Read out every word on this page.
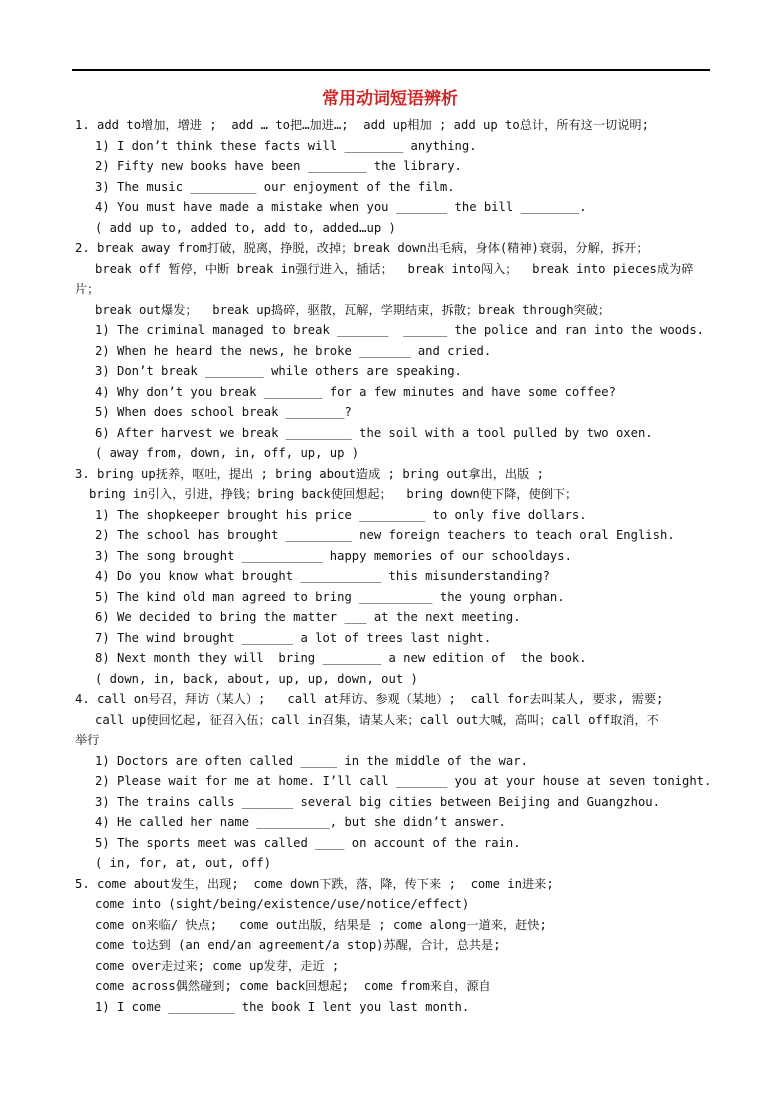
常用动词短语辨析
1. add to增加，增进 ;  add … to把…加进…;  add up相加 ; add up to总计，所有这一切说明;
1) I don’t think these facts will ________ anything.
2) Fifty new books have been ________ the library.
3) The music _________ our enjoyment of the film.
4) You must have made a mistake when you _______ the bill ________.
( add up to, added to, add to, added…up )
2. break away from打破，脱离，挣脱，改掉；break down出毛病，身体(精神)衰弱，分解，拆开；
break off 暂停，中断 break in强行进入，插话；  break into闯入；  break into pieces成为碎
片；
break out爆发；  break up捣碎，驱散，瓦解，学期结束，拆散；break through突破；
1) The criminal managed to break _______  ______ the police and ran into the woods.
2) When he heard the news, he broke _______ and cried.
3) Don’t break ________ while others are speaking.
4) Why don’t you break ________ for a few minutes and have some coffee?
5) When does school break ________?
6) After harvest we break _________ the soil with a tool pulled by two oxen.
( away from, down, in, off, up, up )
3. bring up抚养，呕吐，提出 ; bring about造成 ; bring out拿出，出版 ;
bring in引入，引进，挣钱；bring back使回想起；  bring down使下降，使倒下；
1) The shopkeeper brought his price _________ to only five dollars.
2) The school has brought _________ new foreign teachers to teach oral English.
3) The song brought ___________ happy memories of our schooldays.
4) Do you know what brought ___________ this misunderstanding?
5) The kind old man agreed to bring __________ the young orphan.
6) We decided to bring the matter ___ at the next meeting.
7) The wind brought _______ a lot of trees last night.
8) Next month they will  bring ________ a new edition of  the book.
( down, in, back, about, up, up, down, out )
4. call on号召，拜访（某人）;   call at拜访、参观（某地）;  call for去叫某人, 要求, 需要;
call up使回忆起, 征召入伍；call in召集，请某人来；call out大喊，高叫；call off取消，不
举行
1) Doctors are often called _____ in the middle of the war.
2) Please wait for me at home. I’ll call _______ you at your house at seven tonight.
3) The trains calls _______ several big cities between Beijing and Guangzhou.
4) He called her name __________, but she didn’t answer.
5) The sports meet was called ____ on account of the rain.
( in, for, at, out, off)
5. come about发生，出现;  come down下跌，落，降，传下来 ;  come in进来;
come into (sight/being/existence/use/notice/effect)
come on来临/ 快点;   come out出版，结果是 ; come along一道来，赶快;
come to达到 (an end/an agreement/a stop)苏醒，合计，总共是;
come over走过来; come up发芽，走近 ;
come across偶然碰到; come back回想起;  come from来自，源自
1) I come _________ the book I lent you last month.
